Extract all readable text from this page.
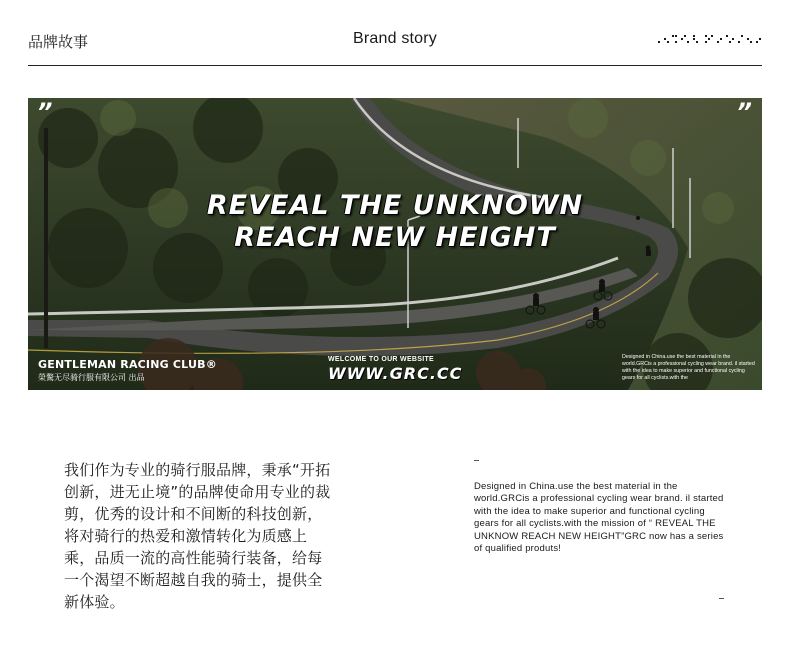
品牌故事	Brand story
”	”
REVEAL THE UNKNOWN
REACH NEW HEIGHT
GENTLEMAN RACING CLUB®
榮驁无尽骑行服有限公司 出品
WELCOME TO OUR WEBSITE
WWW.GRC.CC
Designed in China.use the best material in the world.GRCis a professional cycling wear brand. il started with the idea to make superior and functional cycling gears for all cyclists.with the
我们作为专业的骑行服品牌，秉承“开拓创新，进无止境”的品牌使命用专业的裁剪，优秀的设计和不间断的科技创新，将对骑行的热爱和激情转化为质感上乘，品质一流的高性能骑行装备，给每一个渴望不断超越自我的骑士，提供全新体验。
Designed in China.use the best material in the world.GRCis a professional cycling wear brand. il started with the idea to make superior and functional cycling gears for all cyclists.with the mission of “ REVEAL THE UNKNOW REACH NEW HEIGHT”GRC now has a series of qualified produts!
